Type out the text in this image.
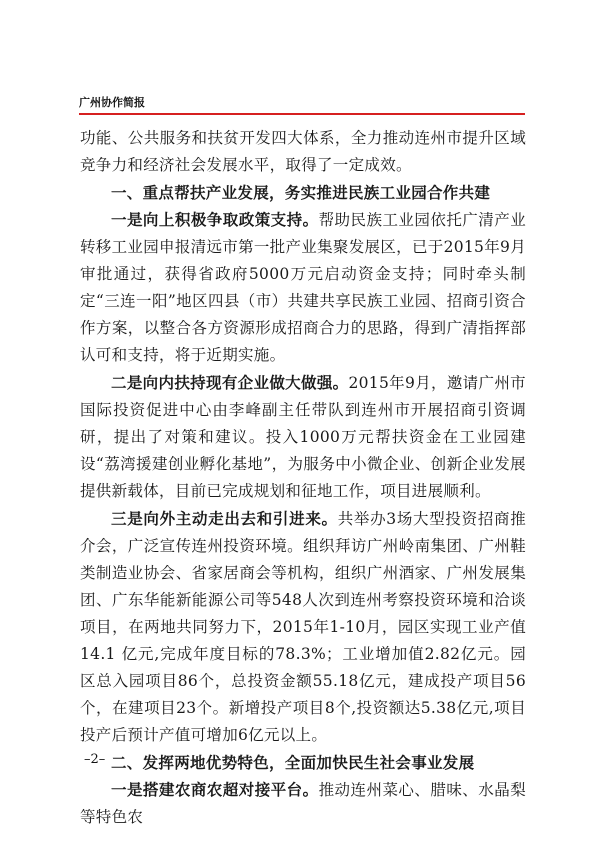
广州协作简报

功能、公共服务和扶贫开发四大体系，全力推动连州市提升区域竞争力和经济社会发展水平，取得了一定成效。

一、重点帮扶产业发展，务实推进民族工业园合作共建

一是向上积极争取政策支持。帮助民族工业园依托广清产业转移工业园申报清远市第一批产业集聚发展区，已于2015年9月审批通过，获得省政府5000万元启动资金支持；同时牵头制定“三连一阳”地区四县（市）共建共享民族工业园、招商引资合作方案，以整合各方资源形成招商合力的思路，得到广清指挥部认可和支持，将于近期实施。

二是向内扶持现有企业做大做强。2015年9月，邀请广州市国际投资促进中心由李峰副主任带队到连州市开展招商引资调研，提出了对策和建议。投入1000万元帮扶资金在工业园建设“荔湾援建创业孵化基地”，为服务中小微企业、创新企业发展提供新载体，目前已完成规划和征地工作，项目进展顺利。

三是向外主动走出去和引进来。共举办3场大型投资招商推介会，广泛宣传连州投资环境。组织拜访广州岭南集团、广州鞋类制造业协会、省家居商会等机构，组织广州酒家、广州发展集团、广东华能新能源公司等548人次到连州考察投资环境和洽谈项目，在两地共同努力下，2015年1-10月，园区实现工业产值14.1 亿元,完成年度目标的78.3%；工业增加值2.82亿元。园区总入园项目86个，总投资金额55.18亿元，建成投产项目56个，在建项目23个。新增投产项目8个,投资额达5.38亿元,项目投产后预计产值可增加6亿元以上。

二、发挥两地优势特色，全面加快民生社会事业发展

一是搭建农商农超对接平台。推动连州菜心、腊味、水晶梨等特色农

–2–
